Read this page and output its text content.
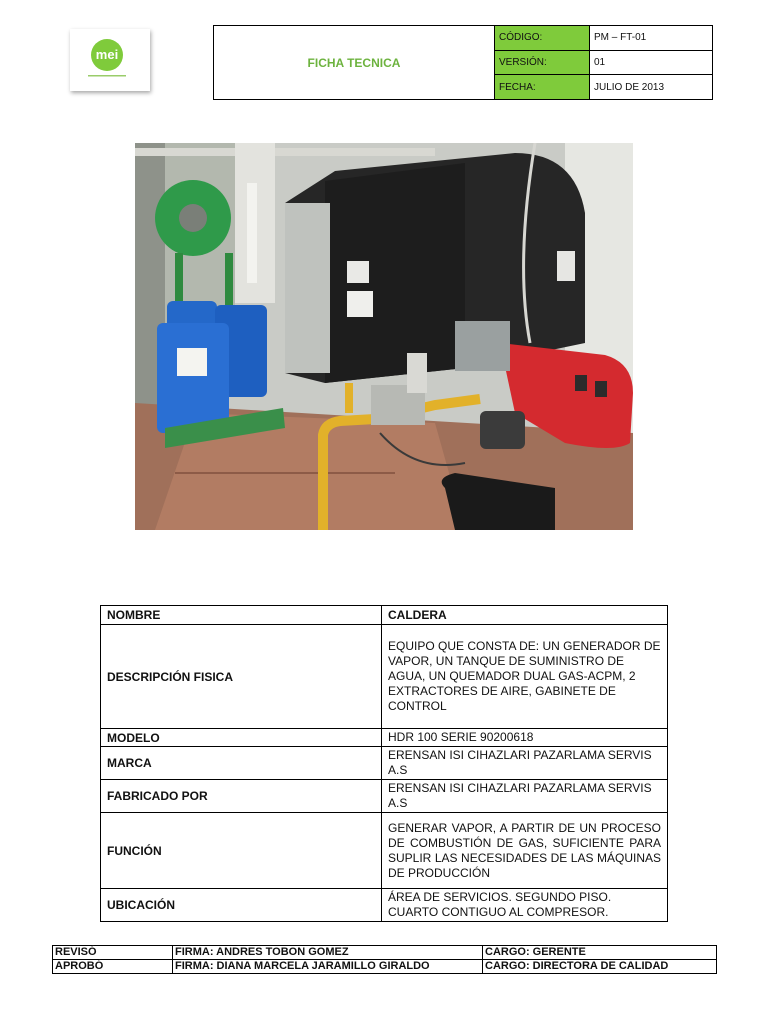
mei
FICHA TECNICA	CÓDIGO:	PM – FT-01
	VERSIÓN:	01
	FECHA:	JULIO DE 2013
NOMBRE	CALDERA
DESCRIPCIÓN FISICA	EQUIPO QUE CONSTA DE: UN GENERADOR DE VAPOR, UN TANQUE DE SUMINISTRO DE AGUA, UN QUEMADOR DUAL GAS-ACPM, 2 EXTRACTORES DE AIRE, GABINETE DE CONTROL
MODELO	HDR 100 SERIE 90200618
MARCA	ERENSAN ISI CIHAZLARI PAZARLAMA SERVIS A.S
FABRICADO POR	ERENSAN ISI CIHAZLARI PAZARLAMA SERVIS A.S
FUNCIÓN	GENERAR VAPOR, A PARTIR DE UN PROCESO DE COMBUSTIÓN DE GAS, SUFICIENTE PARA SUPLIR LAS NECESIDADES DE LAS MÁQUINAS DE PRODUCCIÓN
UBICACIÓN	ÁREA DE SERVICIOS. SEGUNDO PISO. CUARTO CONTIGUO AL COMPRESOR.
REVISÓ	FIRMA: ANDRES TOBON GOMEZ	CARGO: GERENTE
APROBÓ	FIRMA: DIANA MARCELA JARAMILLO GIRALDO	CARGO: DIRECTORA DE CALIDAD
